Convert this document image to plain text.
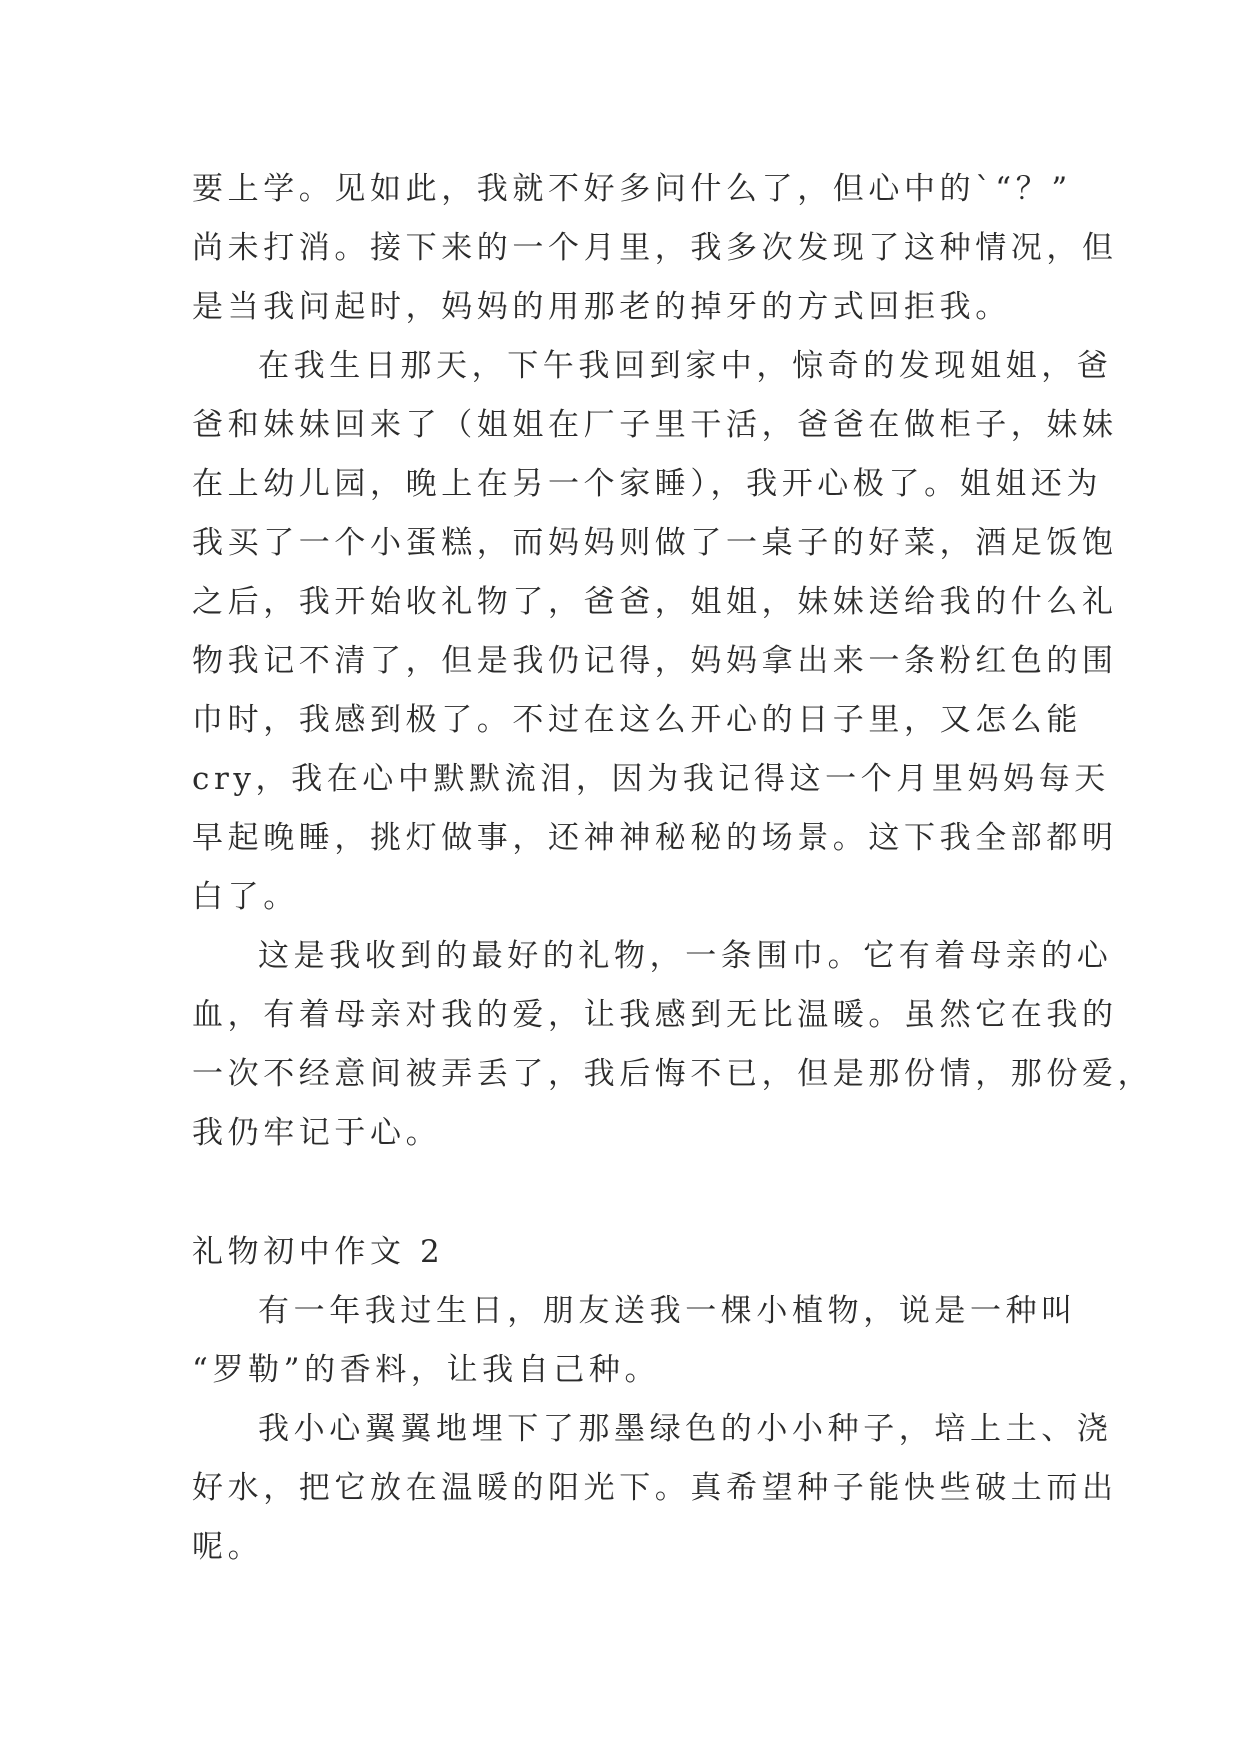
要上学。见如此，我就不好多问什么了，但心中的`“？”
尚未打消。接下来的一个月里，我多次发现了这种情况，但
是当我问起时，妈妈的用那老的掉牙的方式回拒我。
在我生日那天，下午我回到家中，惊奇的发现姐姐，爸
爸和妹妹回来了（姐姐在厂子里干活，爸爸在做柜子，妹妹
在上幼儿园，晚上在另一个家睡），我开心极了。姐姐还为
我买了一个小蛋糕，而妈妈则做了一桌子的好菜，酒足饭饱
之后，我开始收礼物了，爸爸，姐姐，妹妹送给我的什么礼
物我记不清了，但是我仍记得，妈妈拿出来一条粉红色的围
巾时，我感到极了。不过在这么开心的日子里，又怎么能
cry，我在心中默默流泪，因为我记得这一个月里妈妈每天
早起晚睡，挑灯做事，还神神秘秘的场景。这下我全部都明
白了。
这是我收到的最好的礼物，一条围巾。它有着母亲的心
血，有着母亲对我的爱，让我感到无比温暖。虽然它在我的
一次不经意间被弄丢了，我后悔不已，但是那份情，那份爱，
我仍牢记于心。
礼物初中作文 2
有一年我过生日，朋友送我一棵小植物，说是一种叫
“罗勒”的香料，让我自己种。
我小心翼翼地埋下了那墨绿色的小小种子，培上土、浇
好水，把它放在温暖的阳光下。真希望种子能快些破土而出
呢。
